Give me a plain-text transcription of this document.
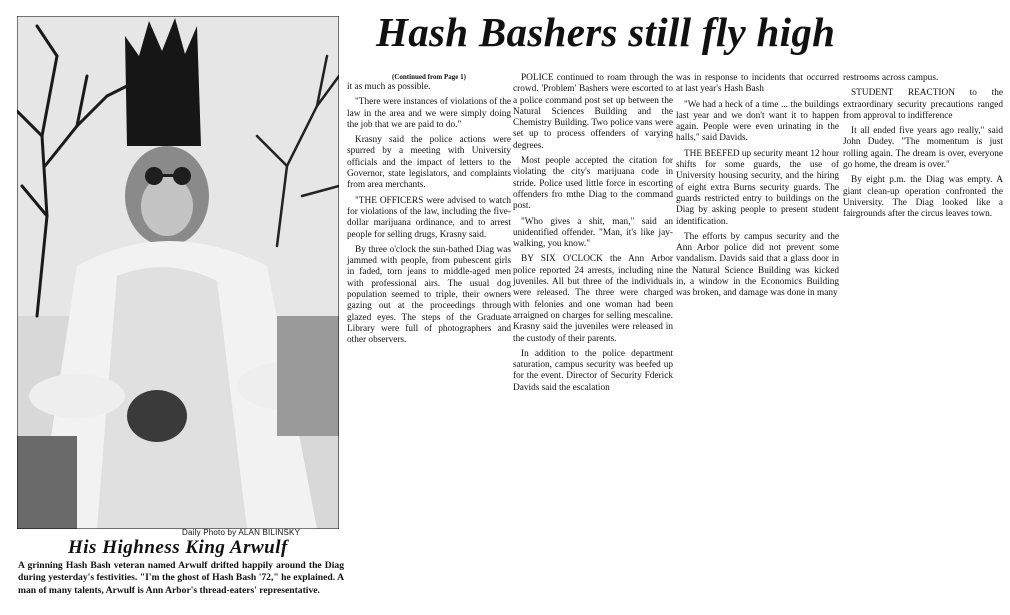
Daily Photo by ALAN BILINSKY
His Highness King Arwulf
A grinning Hash Bash veteran named Arwulf drifted happily around the Diag during yesterday's festivities. "I'm the ghost of Hash Bash '72," he explained. A man of many talents, Arwulf is Ann Arbor's thread-eaters' representative.
Hash Bashers still fly high
(Continued from Page 1)

it as much as possible.

"There were instances of violations of the law in the area and we were simply doing the job that we are paid to do."

Krasny said the police actions were spurred by a meeting with University officials and the impact of letters to the Governor, state legislators, and complaints from area merchants.

"THE OFFICERS were advised to watch for violations of the law, including the five-dollar marijuana ordinance, and to arrest people for selling drugs, Krasny said.

By three o'clock the sun-bathed Diag was jammed with people, from pubescent girls in faded, torn jeans to middle-aged men with professional airs. The usual dog population seemed to triple, their owners gazing out at the proceedings through glazed eyes. The steps of the Graduate Library were full of photographers and other observers.

POLICE continued to roam through the crowd. 'Problem' Bashers were escorted to a police command post set up between the Natural Sciences Building and the Chemistry Building. Two police vans were set up to process offenders of varying degrees.

Most people accepted the citation for violating the city's marijuana code in stride. Police used little force in escorting offenders fro mthe Diag to the command post.

"Who gives a shit, man," said an unidentified offender. "Man, it's like jay-walking, you know."

BY SIX O'CLOCK the Ann Arbor police reported 24 arrests, including nine juveniles. All but three of the individuals were released. The three were charged with felonies and one woman had been arraigned on charges for selling mescaline. Krasny said the juveniles were released in the custody of their parents.

In addition to the police department saturation, campus security was beefed up for the event. Director of Security Fderick Davids said the escalation

was in response to incidents that occurred at last year's Hash Bash

"We had a heck of a time ... the buildings last year and we don't want it to happen again. People were even urinating in the halls," said Davids.

THE BEEFED up security meant 12 hour shifts for some guards, the use of University housing security, and the hiring of eight extra Burns security guards. The guards restricted entry to buildings on the Diag by asking people to present student identification.

The efforts by campus security and the Ann Arbor police did not prevent some vandalism. Davids said that a glass door in the Natural Science Building was kicked in, a window in the Economics Building was broken, and damage was done in many

restrooms across campus.

STUDENT REACTION to the extraordinary security precautions ranged from approval to indifference

It all ended five years ago really," said John Dudey. "The momentum is just rolling again. The dream is over, everyone go home, the dream is over."

By eight p.m. the Diag was empty. A giant clean-up operation confronted the University. The Diag looked like a fairgrounds after the circus leaves town.
